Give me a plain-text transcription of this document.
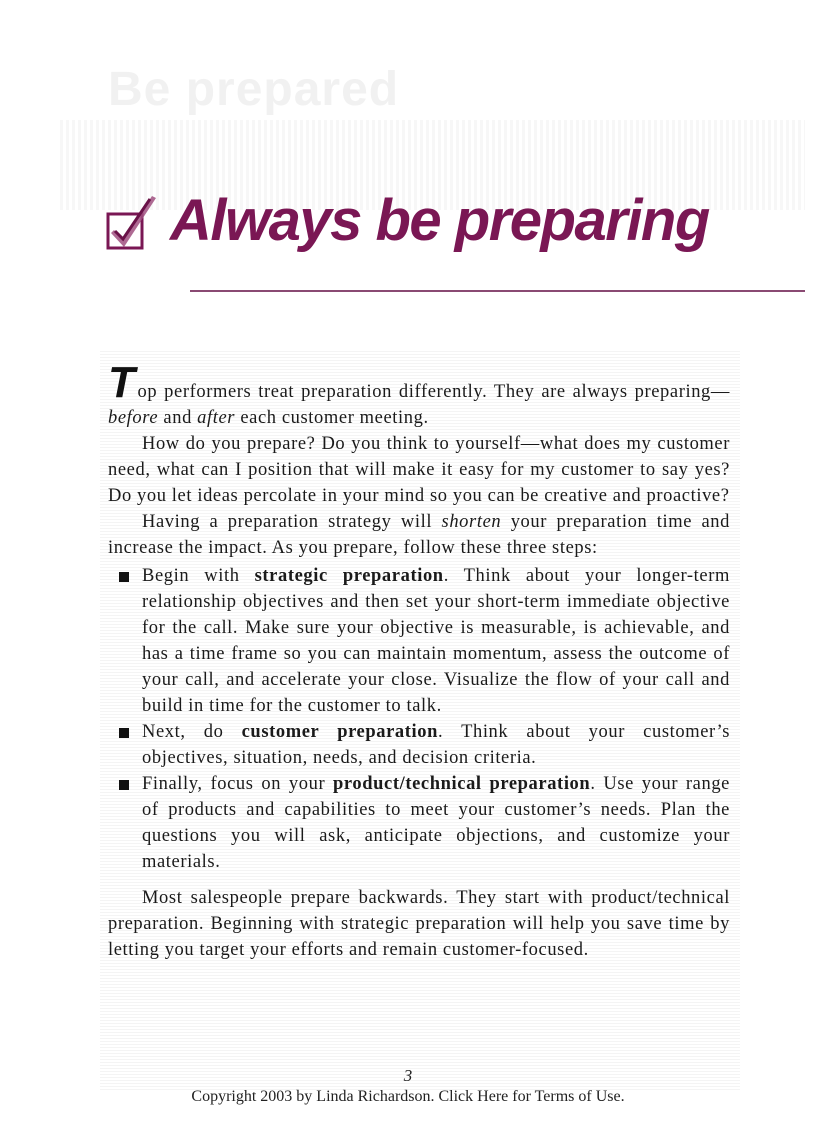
Be prepared
Always be preparing

Top performers treat preparation differently. They are always preparing—before and after each customer meeting.

How do you prepare? Do you think to yourself—what does my customer need, what can I position that will make it easy for my customer to say yes? Do you let ideas percolate in your mind so you can be creative and proactive?

Having a preparation strategy will shorten your preparation time and increase the impact. As you prepare, follow these three steps:

Begin with strategic preparation. Think about your longer-term relationship objectives and then set your short-term immediate objective for the call. Make sure your objective is measurable, is achievable, and has a time frame so you can maintain momentum, assess the outcome of your call, and accelerate your close. Visualize the flow of your call and build in time for the customer to talk.
Next, do customer preparation. Think about your customer’s objectives, situation, needs, and decision criteria.
Finally, focus on your product/technical preparation. Use your range of products and capabilities to meet your customer’s needs. Plan the questions you will ask, anticipate objections, and customize your materials.

Most salespeople prepare backwards. They start with product/technical preparation. Beginning with strategic preparation will help you save time by letting you target your efforts and remain customer-focused.

3
Copyright 2003 by Linda Richardson. Click Here for Terms of Use.
